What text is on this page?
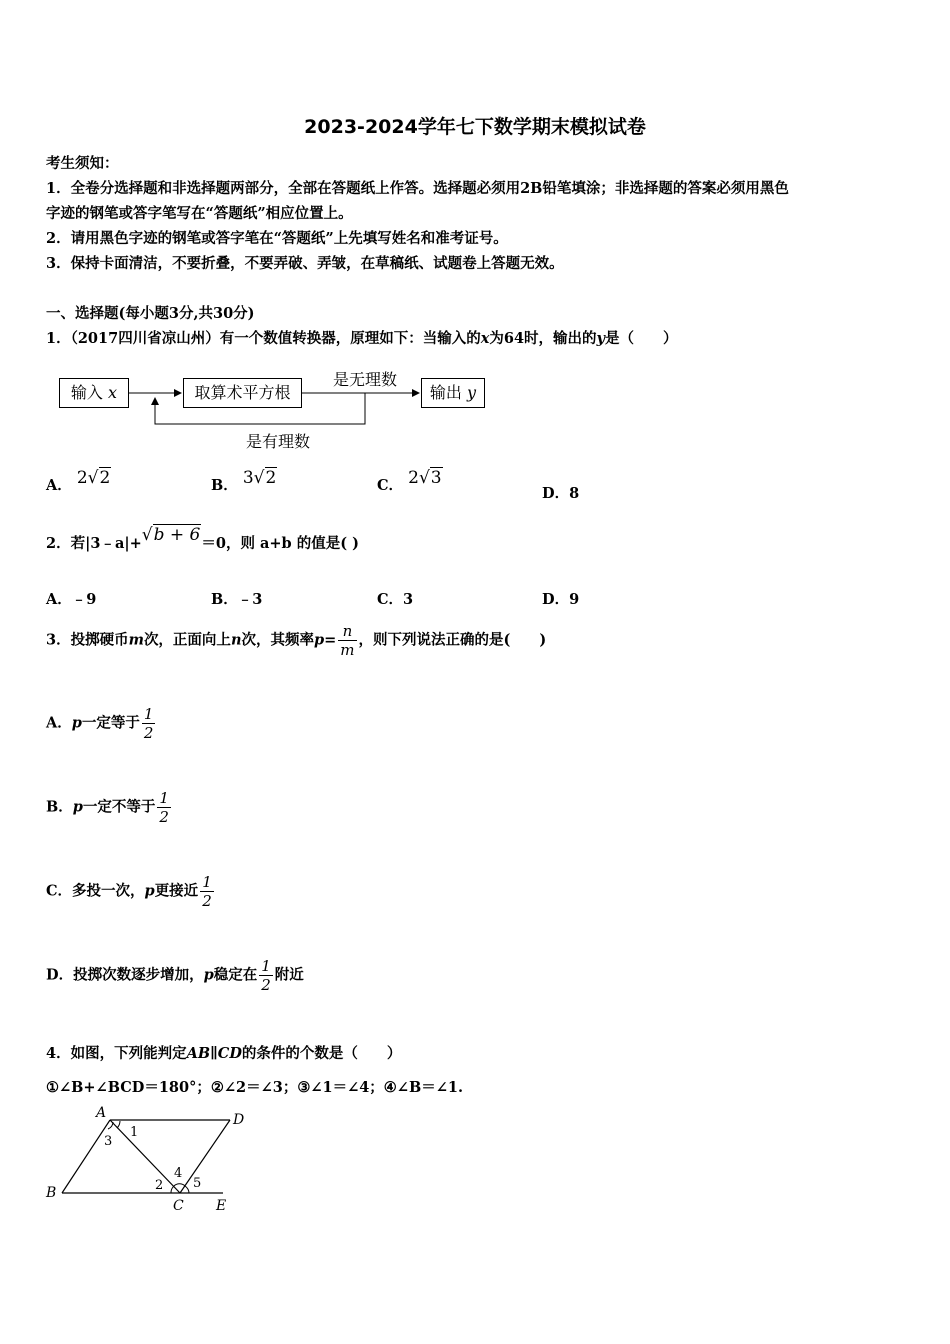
2023-2024学年七下数学期末模拟试卷
考生须知：
1．全卷分选择题和非选择题两部分，全部在答题纸上作答。选择题必须用2B铅笔填涂；非选择题的答案必须用黑色
字迹的钢笔或答字笔写在“答题纸”相应位置上。
2．请用黑色字迹的钢笔或答字笔在“答题纸”上先填写姓名和准考证号。
3．保持卡面清洁，不要折叠，不要弄破、弄皱，在草稿纸、试题卷上答题无效。
一、选择题(每小题3分,共30分)
1．（2017四川省凉山州）有一个数值转换器，原理如下：当输入的x为64时，输出的y是（　　）
输入 x	取算术平方根	输出 y
是无理数
是有理数
A． 2√2	B． 3√2	C． 2√3
D．8
2．若|3﹣a|+√b + 6＝0，则 a+b 的值是( )
A．﹣9	B．﹣3	C．3	D．9
3．投掷硬币m次，正面向上n次，其频率$p= \frac{n}{m}$ ，则下列说法正确的是(　　)
A．p一定等于 $\frac{1}{2}$
B．p一定不等于 $\frac{1}{2}$
C．多投一次，p更接近 $\frac{1}{2}$
D．投掷次数逐步增加，p稳定在 $\frac{1}{2}$ 附近
4．如图，下列能判定AB∥CD的条件的个数是（　　）
①∠B+∠BCD＝180°；②∠2＝∠3；③∠1＝∠4；④∠B＝∠1.
A	D
B
C E
1
2
3
4
5
